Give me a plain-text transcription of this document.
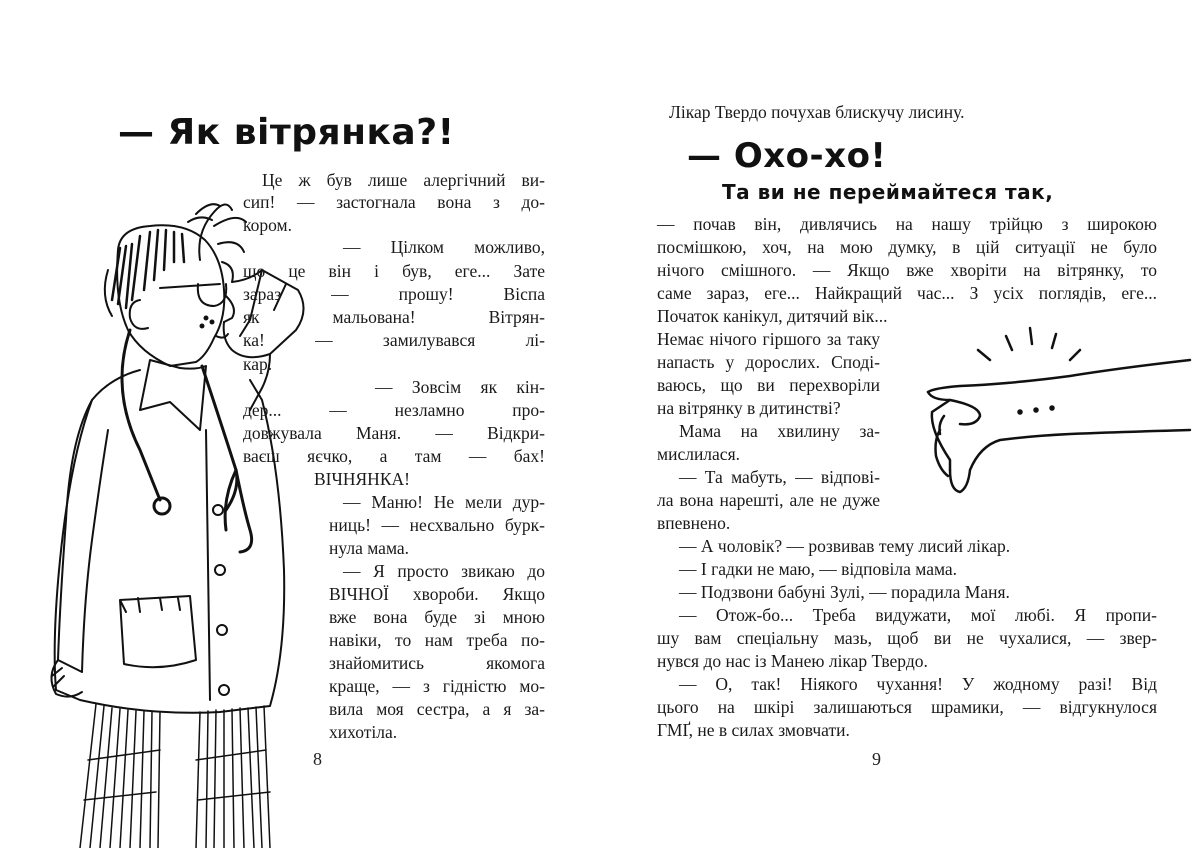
— Як вітрянка?!
Це ж був лише алергічний ви-
сип! — застогнала вона з до-
кором.
— Цілком можливо,
що це він і був, еге... Зате
зараз — прошу! Віспа
як мальована! Вітрян-
ка! — замилувався лі-
кар.
— Зовсім як кін-
дер... — незламно про-
довжувала Маня. — Відкри-
ваєш яєчко, а там — бах!
ВІЧНЯНКА!
— Маню! Не мели дур-
ниць! — несхвально бурк-
нула мама.
— Я просто звикаю до
ВІЧНОЇ хвороби. Якщо
вже вона буде зі мною
навіки, то нам треба по-
знайомитись якомога
краще, — з гідністю мо-
вила моя сестра, а я за-
хихотіла.
8
Лікар Твердо почухав блискучу лисину.
— Охо-хо!
Та ви не переймайтеся так,
— почав він, дивлячись на нашу трійцю з широкою
посмішкою, хоч, на мою думку, в цій ситуації не було
нічого смішного. — Якщо вже хворіти на вітрянку, то
саме зараз, еге... Найкращий час... З усіх поглядів, еге...
Початок канікул, дитячий вік...
Немає нічого гіршого за таку
напасть у дорослих. Споді-
ваюсь, що ви перехворіли
на вітрянку в дитинстві?
Мама на хвилину за-
мислилася.
— Та мабуть, — відпові-
ла вона нарешті, але не дуже
впевнено.
— А чоловік? — розвивав тему лисий лікар.
— І гадки не маю, — відповіла мама.
— Подзвони бабуні Зулі, — порадила Маня.
— Отож-бо... Треба видужати, мої любі. Я пропи-
шу вам спеціальну мазь, щоб ви не чухалися, — звер-
нувся до нас із Манею лікар Твердо.
— О, так! Ніякого чухання! У жодному разі! Від
цього на шкірі залишаються шрамики, — відгукнулося
ГМҐ, не в силах змовчати.
9
